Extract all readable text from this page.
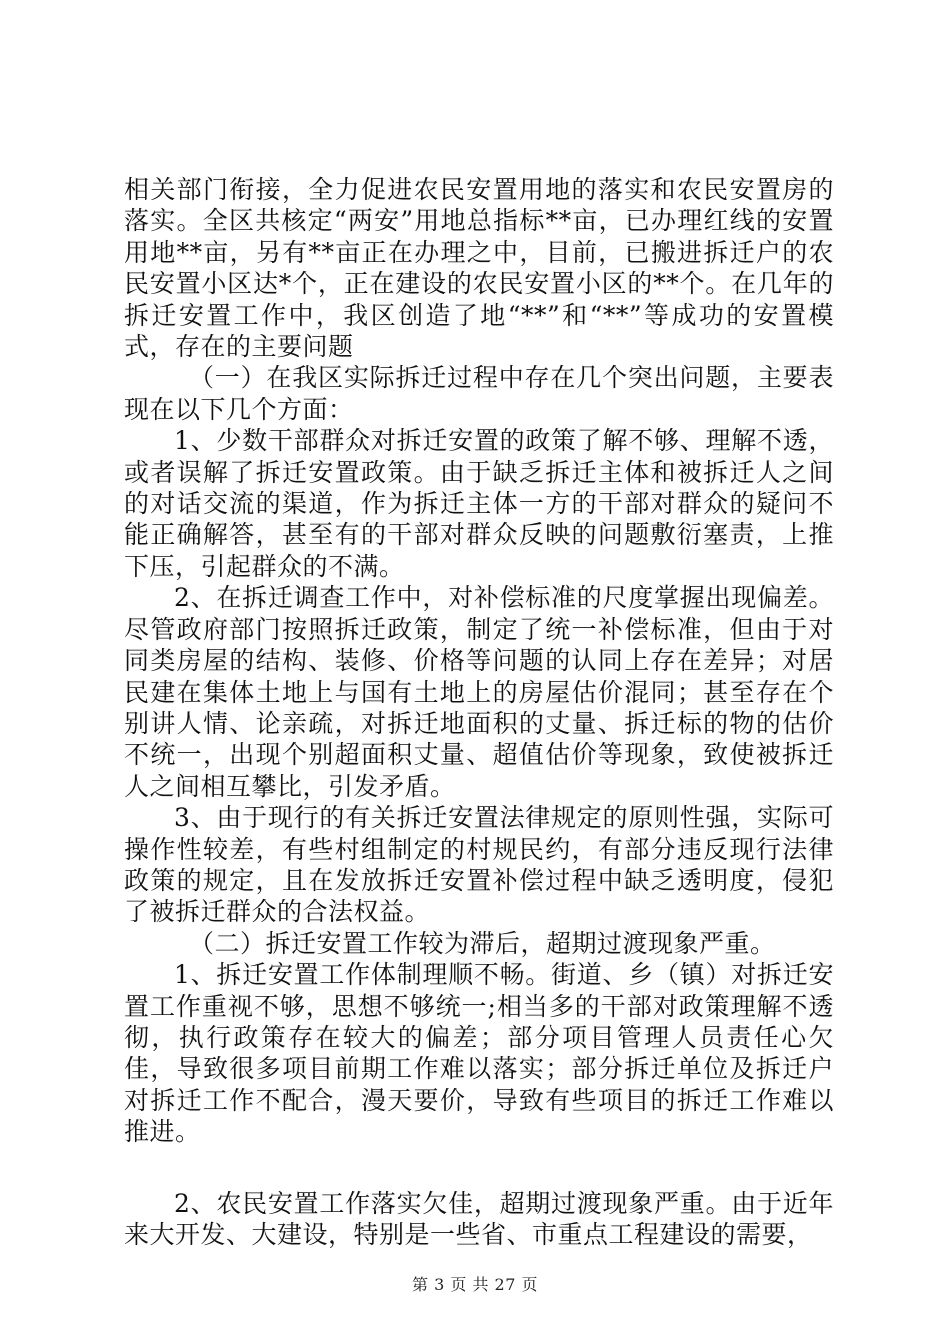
相关部门衔接，全力促进农民安置用地的落实和农民安置房的落实。全区共核定“两安”用地总指标**亩，已办理红线的安置用地**亩，另有**亩正在办理之中，目前，已搬进拆迁户的农民安置小区达*个，正在建设的农民安置小区的**个。在几年的拆迁安置工作中，我区创造了地“**”和“**”等成功的安置模式，存在的主要问题

（一）在我区实际拆迁过程中存在几个突出问题，主要表现在以下几个方面：

1、少数干部群众对拆迁安置的政策了解不够、理解不透，或者误解了拆迁安置政策。由于缺乏拆迁主体和被拆迁人之间的对话交流的渠道，作为拆迁主体一方的干部对群众的疑问不能正确解答，甚至有的干部对群众反映的问题敷衍塞责，上推下压，引起群众的不满。

2、在拆迁调查工作中，对补偿标准的尺度掌握出现偏差。尽管政府部门按照拆迁政策，制定了统一补偿标准，但由于对同类房屋的结构、装修、价格等问题的认同上存在差异；对居民建在集体土地上与国有土地上的房屋估价混同；甚至存在个别讲人情、论亲疏，对拆迁地面积的丈量、拆迁标的物的估价不统一，出现个别超面积丈量、超值估价等现象，致使被拆迁人之间相互攀比，引发矛盾。

3、由于现行的有关拆迁安置法律规定的原则性强，实际可操作性较差，有些村组制定的村规民约，有部分违反现行法律政策的规定，且在发放拆迁安置补偿过程中缺乏透明度，侵犯了被拆迁群众的合法权益。

（二）拆迁安置工作较为滞后，超期过渡现象严重。

1、拆迁安置工作体制理顺不畅。街道、乡（镇）对拆迁安置工作重视不够，思想不够统一;相当多的干部对政策理解不透彻，执行政策存在较大的偏差；部分项目管理人员责任心欠佳，导致很多项目前期工作难以落实；部分拆迁单位及拆迁户对拆迁工作不配合，漫天要价，导致有些项目的拆迁工作难以推进。

2、农民安置工作落实欠佳，超期过渡现象严重。由于近年来大开发、大建设，特别是一些省、市重点工程建设的需要，

第 3 页 共 27 页
